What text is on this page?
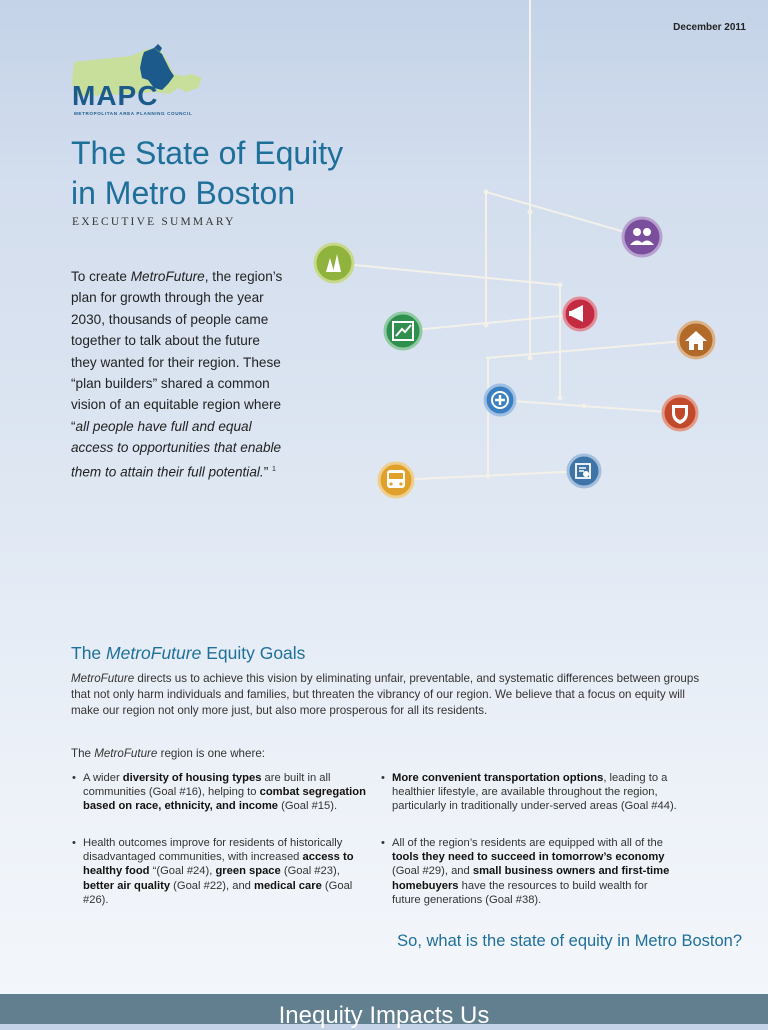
December 2011
MAPC
METROPOLITAN AREA PLANNING COUNCIL
The State of Equity
in Metro Boston
EXECUTIVE SUMMARY
To create MetroFuture, the region’s plan for growth through the year 2030, thousands of people came together to talk about the future they wanted for their region. These “plan builders” shared a common vision of an equitable region where “all people have full and equal access to opportunities that enable them to attain their full potential.” $^1$
The MetroFuture Equity Goals
MetroFuture directs us to achieve this vision by eliminating unfair, preventable, and systematic differences between groups that not only harm individuals and families, but threaten the vibrancy of our region. We believe that a focus on equity will make our region not only more just, but also more prosperous for all its residents.
The MetroFuture region is one where:
• A wider diversity of housing types are built in all communities (Goal #16), helping to combat segregation based on race, ethnicity, and income (Goal #15).
• Health outcomes improve for residents of historically disadvantaged communities, with increased access to healthy food “(Goal #24), green space (Goal #23), better air quality (Goal #22), and medical care (Goal #26).
• More convenient transportation options, leading to a healthier lifestyle, are available throughout the region, particularly in traditionally under-served areas (Goal #44).
• All of the region’s residents are equipped with all of the tools they need to succeed in tomorrow’s economy (Goal #29), and small business owners and first-time homebuyers have the resources to build wealth for future generations (Goal #38).
So, what is the state of equity in Metro Boston?
Inequity Impacts Us
